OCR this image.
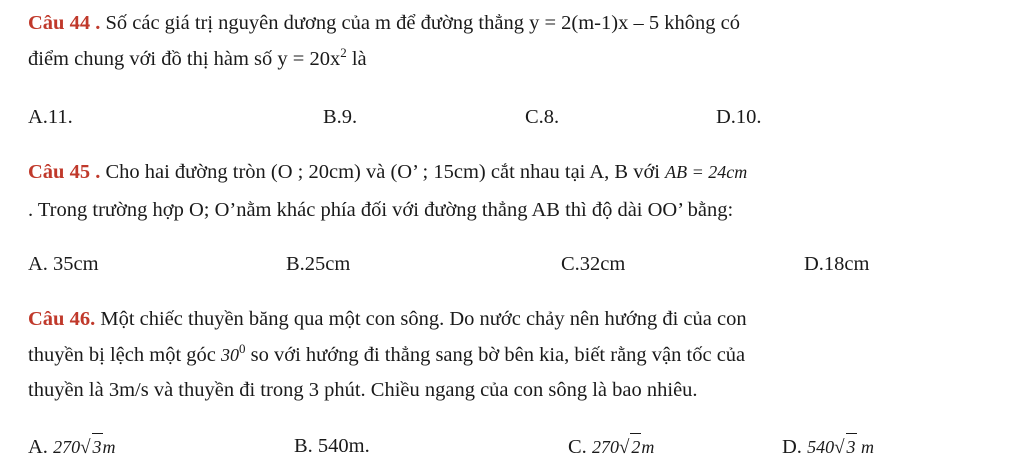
Câu 44 . Số các giá trị nguyên dương của m để đường thẳng y = 2(m-1)x – 5 không có
điểm chung với đồ thị hàm số $y = 20x^2$ là
A.11.	B.9.	C.8.	D.10.
Câu 45 . Cho hai đường tròn (O ; 20cm) và (O’ ; 15cm) cắt nhau tại A, B với AB = 24cm
. Trong trường hợp O; O’nằm khác phía đối với đường thẳng AB thì độ dài OO’ bằng:
A. 35cm	B.25cm	C.32cm	D.18cm
Câu 46. Một chiếc thuyền băng qua một con sông. Do nước chảy nên hướng đi của con
thuyền bị lệch một góc $30^0$ so với hướng đi thẳng sang bờ bên kia, biết rằng vận tốc của
thuyền là 3m/s và thuyền đi trong 3 phút. Chiều ngang của con sông là bao nhiêu.
A. 270√ 3m	B. 540m.	C. 270√ 2m	D. 540√ 3 m
